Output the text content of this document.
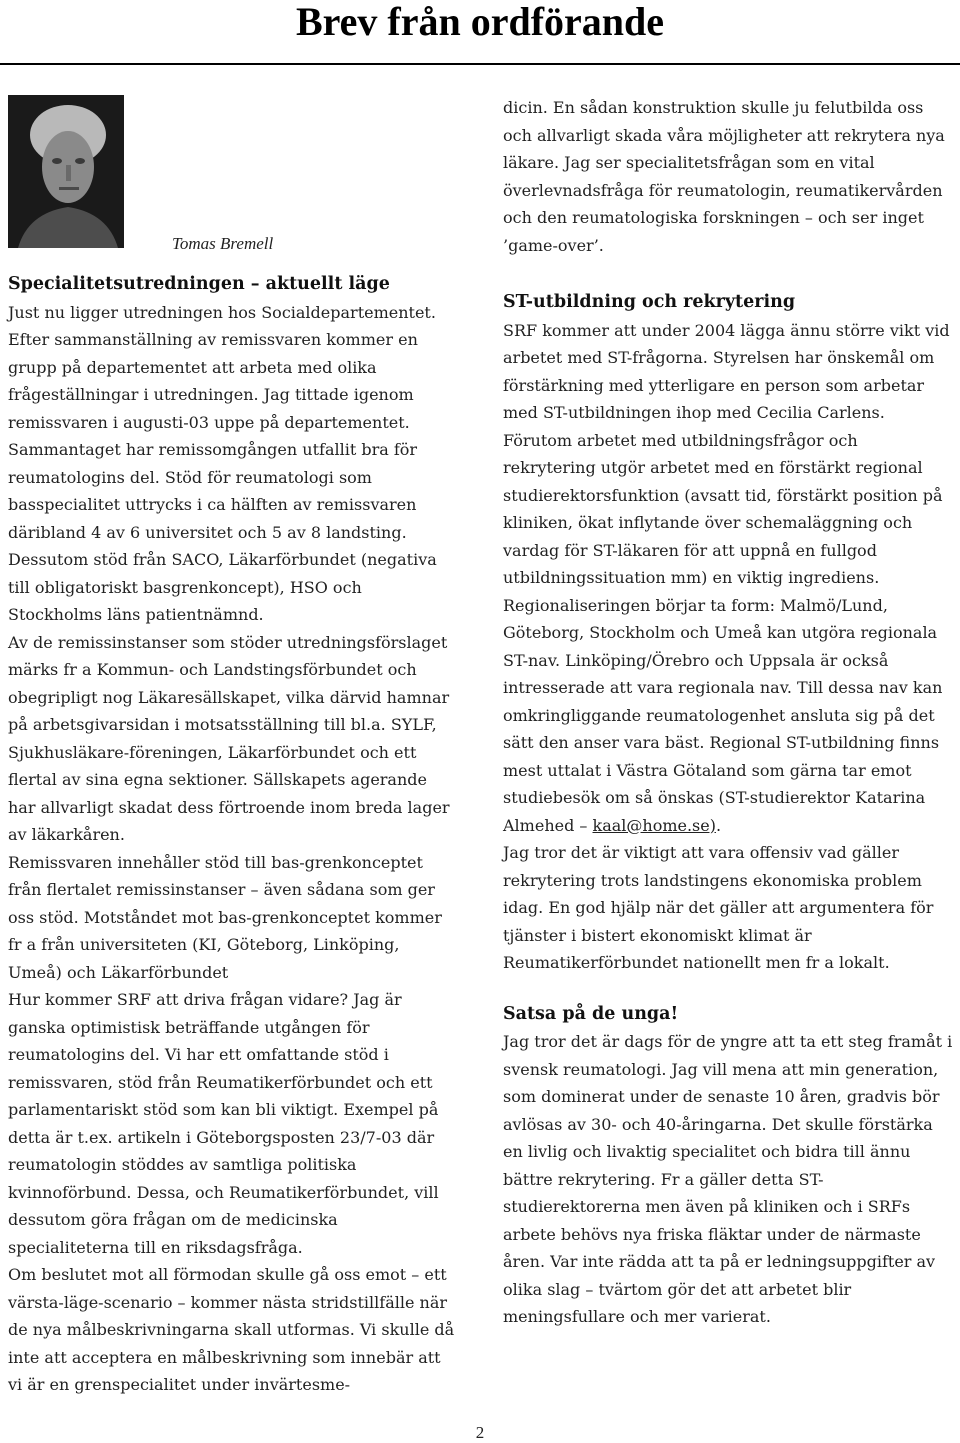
Brev från ordförande
Tomas Bremell
Specialitetsutredningen – aktuellt läge

Just nu ligger utredningen hos Socialdepartementet. Efter sammanställning av remissvaren kommer en grupp på departementet att arbeta med olika frågeställningar i utredningen. Jag tittade igenom remissvaren i augusti-03 uppe på departementet. Sammantaget har remissomgången utfallit bra för reumatologins del. Stöd för reumatologi som basspecialitet uttrycks i ca hälften av remissvaren däribland 4 av 6 universitet och 5 av 8 landsting. Dessutom stöd från SACO, Läkarförbundet (negativa till obligatoriskt basgrenkoncept), HSO och Stockholms läns patientnämnd.

Av de remissinstanser som stöder utredningsförslaget märks fr a Kommun- och Landstingsförbundet och obegripligt nog Läkaresällskapet, vilka därvid hamnar på arbetsgivarsidan i motsatsställning till bl.a. SYLF, Sjukhusläkare-föreningen, Läkarförbundet och ett flertal av sina egna sektioner. Sällskapets agerande har allvarligt skadat dess förtroende inom breda lager av läkarkåren.

Remissvaren innehåller stöd till bas-grenkonceptet från flertalet remissinstanser – även sådana som ger oss stöd. Motståndet mot bas-grenkonceptet kommer fr a från universiteten (KI, Göteborg, Linköping, Umeå) och Läkarförbundet

Hur kommer SRF att driva frågan vidare? Jag är ganska optimistisk beträffande utgången för reumatologins del. Vi har ett omfattande stöd i remissvaren, stöd från Reumatikerförbundet och ett parlamentariskt stöd som kan bli viktigt. Exempel på detta är t.ex. artikeln i Göteborgsposten 23/7-03 där reumatologin stöddes av samtliga politiska kvinnoförbund. Dessa, och Reumatikerförbundet, vill dessutom göra frågan om de medicinska specialiteterna till en riksdagsfråga.

Om beslutet mot all förmodan skulle gå oss emot – ett värsta-läge-scenario – kommer nästa stridstillfälle när de nya målbeskrivningarna skall utformas. Vi skulle då inte att acceptera en målbeskrivning som innebär att vi är en grenspecialitet under invärtesme-

dicin. En sådan konstruktion skulle ju felutbilda oss och allvarligt skada våra möjligheter att rekrytera nya läkare. Jag ser specialitetsfrågan som en vital överlevnadsfråga för reumatologin, reumatikervården och den reumatologiska forskningen – och ser inget ’game-over’.

ST-utbildning och rekrytering

SRF kommer att under 2004 lägga ännu större vikt vid arbetet med ST-frågorna. Styrelsen har önskemål om förstärkning med ytterligare en person som arbetar med ST-utbildningen ihop med Cecilia Carlens. Förutom arbetet med utbildningsfrågor och rekrytering utgör arbetet med en förstärkt regional studierektorsfunktion (avsatt tid, förstärkt position på kliniken, ökat inflytande över schemaläggning och vardag för ST-läkaren för att uppnå en fullgod utbildningssituation mm) en viktig ingrediens. Regionaliseringen börjar ta form: Malmö/Lund, Göteborg, Stockholm och Umeå kan utgöra regionala ST-nav. Linköping/Örebro och Uppsala är också intresserade att vara regionala nav. Till dessa nav kan omkringliggande reumatologenhet ansluta sig på det sätt den anser vara bäst. Regional ST-utbildning finns mest uttalat i Västra Götaland som gärna tar emot studiebesök om så önskas (ST-studierektor Katarina Almehed – kaal@home.se).

Jag tror det är viktigt att vara offensiv vad gäller rekrytering trots landstingens ekonomiska problem idag. En god hjälp när det gäller att argumentera för tjänster i bistert ekonomiskt klimat är Reumatikerförbundet nationellt men fr a lokalt.

Satsa på de unga!

Jag tror det är dags för de yngre att ta ett steg framåt i svensk reumatologi. Jag vill mena att min generation, som dominerat under de senaste 10 åren, gradvis bör avlösas av 30- och 40-åringarna. Det skulle förstärka en livlig och livaktig specialitet och bidra till ännu bättre rekrytering. Fr a gäller detta ST-studierektorerna men även på kliniken och i SRFs arbete behövs nya friska fläktar under de närmaste åren. Var inte rädda att ta på er ledningsuppgifter av olika slag – tvärtom gör det att arbetet blir meningsfullare och mer varierat.

2
